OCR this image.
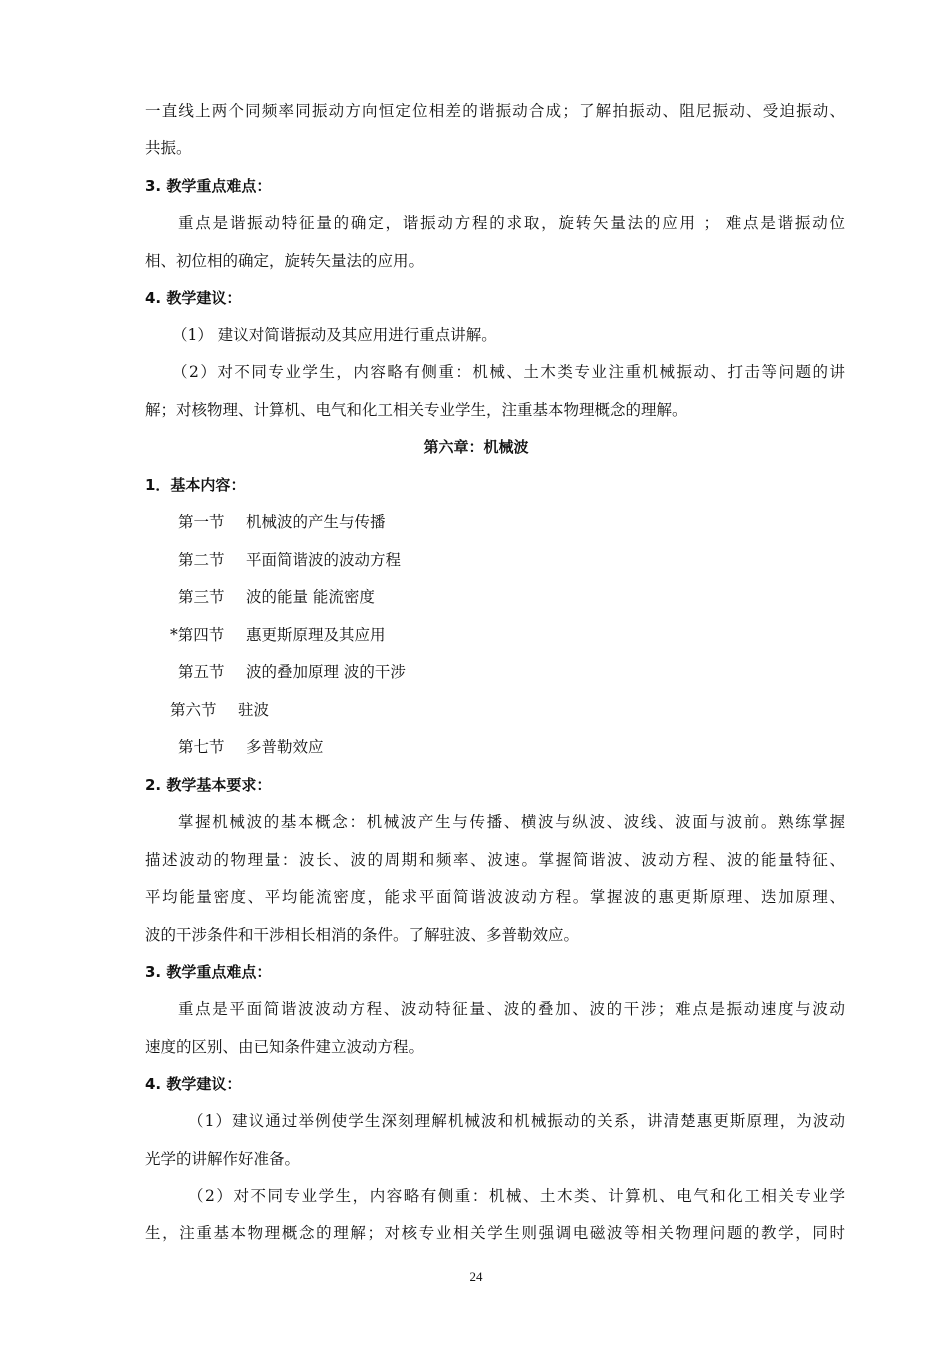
一直线上两个同频率同振动方向恒定位相差的谐振动合成；了解拍振动、阻尼振动、受迫振动、
共振。
3. 教学重点难点：
重点是谐振动特征量的确定，谐振动方程的求取，旋转矢量法的应用 ； 难点是谐振动位
相、初位相的确定，旋转矢量法的应用。
4. 教学建议：
（1） 建议对简谐振动及其应用进行重点讲解。
（2）对不同专业学生，内容略有侧重：机械、土木类专业注重机械振动、打击等问题的讲
解；对核物理、计算机、电气和化工相关专业学生，注重基本物理概念的理解。
第六章：机械波
1．基本内容：
第一节 机械波的产生与传播
第二节 平面简谐波的波动方程
第三节 波的能量 能流密度
*第四节 惠更斯原理及其应用
第五节 波的叠加原理 波的干涉
第六节 驻波
第七节 多普勒效应
2. 教学基本要求：
掌握机械波的基本概念：机械波产生与传播、横波与纵波、波线、波面与波前。熟练掌握
描述波动的物理量：波长、波的周期和频率、波速。掌握简谐波、波动方程、波的能量特征、
平均能量密度、平均能流密度，能求平面简谐波波动方程。掌握波的惠更斯原理、迭加原理、
波的干涉条件和干涉相长相消的条件。了解驻波、多普勒效应。
3. 教学重点难点：
重点是平面简谐波波动方程、波动特征量、波的叠加、波的干涉；难点是振动速度与波动
速度的区别、由已知条件建立波动方程。
4. 教学建议：
（1）建议通过举例使学生深刻理解机械波和机械振动的关系，讲清楚惠更斯原理，为波动
光学的讲解作好准备。
（2）对不同专业学生，内容略有侧重：机械、土木类、计算机、电气和化工相关专业学
生，注重基本物理概念的理解；对核专业相关学生则强调电磁波等相关物理问题的教学，同时
24
